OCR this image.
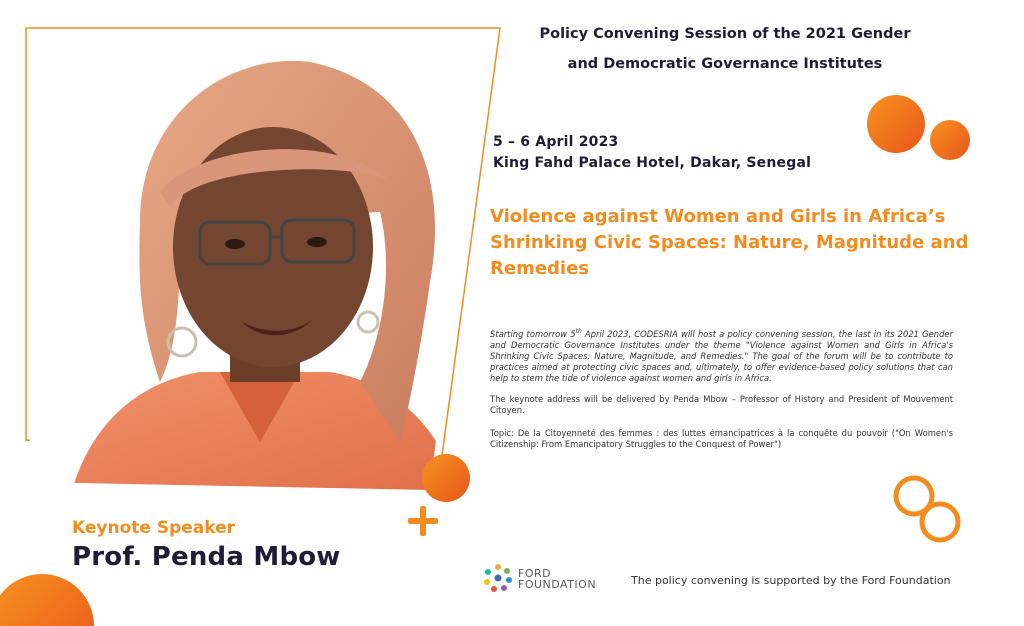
Policy Convening Session of the 2021 Gender
and Democratic Governance Institutes
5 – 6 April 2023
King Fahd Palace Hotel, Dakar, Senegal
Violence against Women and Girls in Africa’s Shrinking Civic Spaces: Nature, Magnitude and Remedies
Starting tomorrow 5th April 2023, CODESRIA will host a policy convening session, the last in its 2021 Gender and Democratic Governance Institutes under the theme "Violence against Women and Girls in Africa's Shrinking Civic Spaces: Nature, Magnitude, and Remedies." The goal of the forum will be to contribute to practices aimed at protecting civic spaces and, ultimately, to offer evidence-based policy solutions that can help to stem the tide of violence against women and girls in Africa.
The keynote address will be delivered by Penda Mbow – Professor of History and President of Mouvement Citoyen.
Topic: De la Citoyenneté des femmes : des luttes émancipatrices à la conquête du pouvoir ("On Women's Citizenship: From Emancipatory Struggles to the Conquest of Power")
Keynote Speaker
Prof. Penda Mbow
FORD
FOUNDATION	The policy convening is supported by the Ford Foundation
